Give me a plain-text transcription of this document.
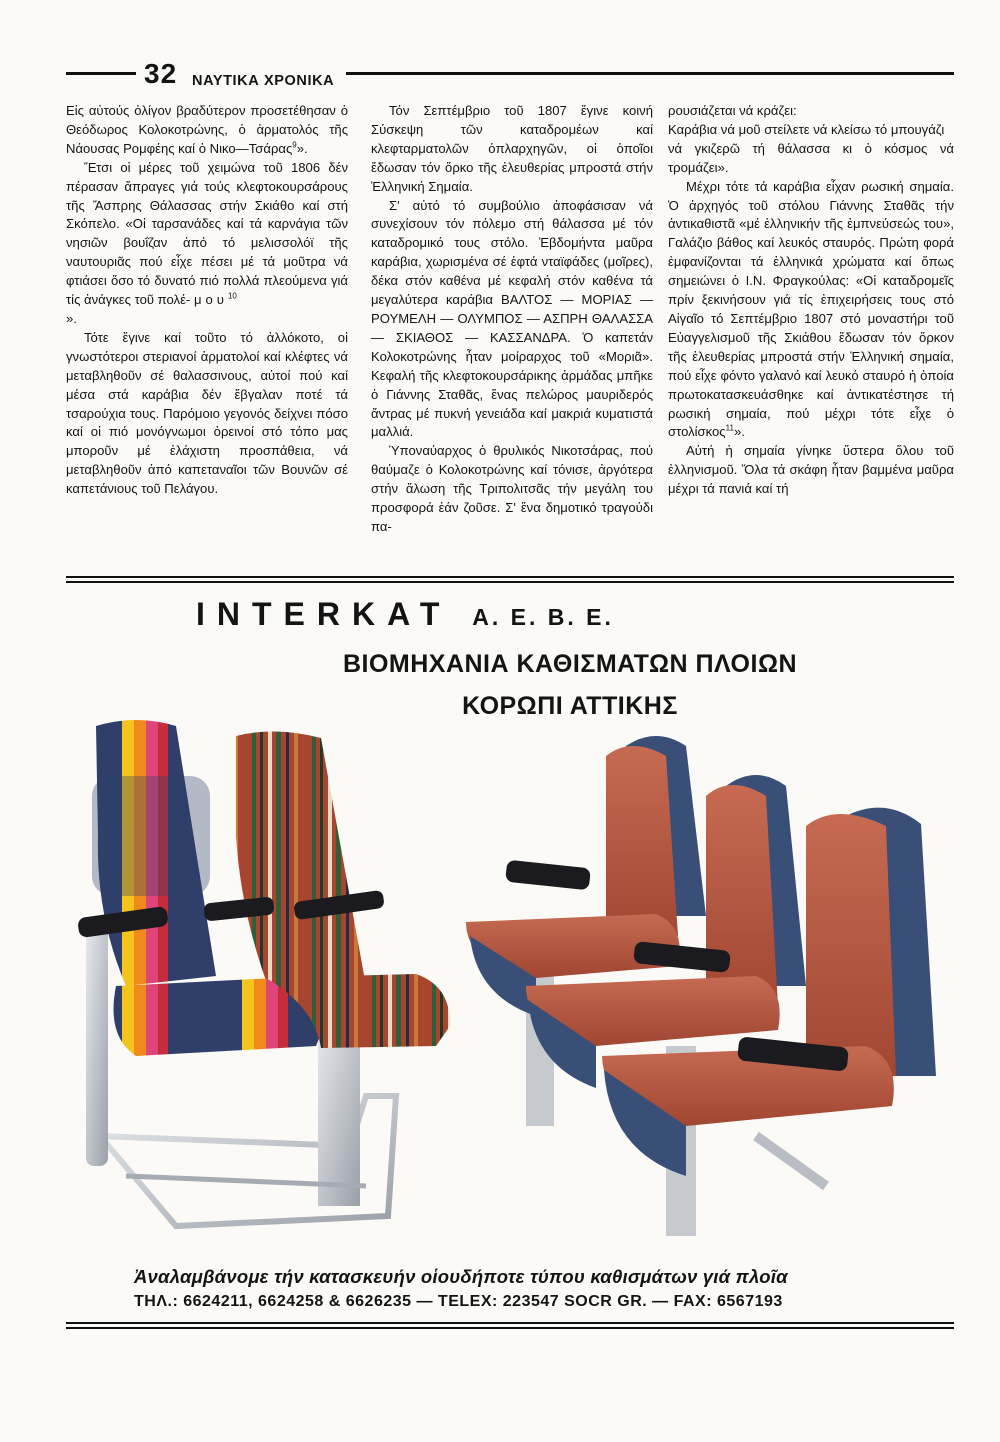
32 ΝΑΥΤΙΚΑ ΧΡΟΝΙΚΑ

Εἰς αὐτούς ὀλίγον βραδύτερον προσετέθησαν ὁ Θεόδωρος Κολοκοτρώνης, ὁ ἁρματολός τῆς Νάουσας Ρομφέης καί ὁ Νικο—Τσάρας$^9$».

Ἔτσι οἱ μέρες τοῦ χειμώνα τοῦ 1806 δέν πέρασαν ἄπραγες γιά τούς κλεφτοκουρσάρους τῆς Ἄσπρης Θάλασσας στήν Σκιάθο καί στή Σκόπελο. «Οἱ ταρσανάδες καί τά καρνάγια τῶν νησιῶν βουΐζαν ἀπό τό μελισσολόϊ τῆς ναυτουριᾶς πού εἶχε πέσει μέ τά μοῦτρα νά φτιάσει ὅσο τό δυνατό πιό πολλά πλεούμενα γιά τίς ἀνάγκες τοῦ πολέ- μου$^{10}$
».

Τότε ἔγινε καί τοῦτο τό ἀλλόκοτο, οἱ γνωστότεροι στεριανοί ἁρματολοί καί κλέφτες νά μεταβληθοῦν σέ θαλασσινους, αὐτοί πού καί μέσα στά καράβια δέν ἔβγαλαν ποτέ τά τσαρούχια τους. Παρόμοιο γεγονός δείχνει πόσο καί οἱ πιό μονόγνωμοι ὀρεινοί στό τόπο μας μποροῦν μέ ἐλάχιστη προσπάθεια, νά μεταβληθοῦν ἀπό καπεταναῖοι τῶν Βουνῶν σέ καπετάνιους τοῦ Πελάγου.

Τόν Σεπτέμβριο τοῦ 1807 ἔγινε κοινή Σύσκεψη τῶν καταδρομέων καί κλεφταρματολῶν ὁπλαρχηγῶν, οἱ ὁποῖοι ἔδωσαν τόν ὅρκο τῆς ἐλευθερίας μπροστά στήν Ἑλληνική Σημαία.

Σ' αὐτό τό συμβούλιο ἀποφάσισαν νά συνεχίσουν τόν πόλεμο στή θάλασσα μέ τόν καταδρομικό τους στόλο. Ἑβδομήντα μαῦρα καράβια, χωρισμένα σέ ἑφτά νταϊφάδες (μοῖρες), δέκα στόν καθένα μέ κεφαλή στόν καθένα τά μεγαλύτερα καράβια ΒΑΛΤΟΣ — ΜΟΡΙΑΣ — ΡΟΥΜΕΛΗ — ΟΛΥΜΠΟΣ — ΑΣΠΡΗ ΘΑΛΑΣΣΑ — ΣΚΙΑΘΟΣ — ΚΑΣΣΑΝΔΡΑ. Ὁ καπετάν Κολοκοτρώνης ἦταν μοίραρχος τοῦ «Μοριᾶ». Κεφαλή τῆς κλεφτοκουρσάρικης ἀρμάδας μπῆκε ὁ Γιάννης Σταθᾶς, ἕνας πελώρος μαυριδερός ἄντρας μέ πυκνή γενειάδα καί μακριά κυματιστά μαλλιά.

Ὑποναύαρχος ὁ θρυλικός Νικοτσάρας, πού θαύμαζε ὁ Κολοκοτρώνης καί τόνισε, ἀργότερα στήν ἅλωση τῆς Τριπολιτσᾶς τήν μεγάλη του προσφορά ἐάν ζοῦσε. Σ' ἕνα δημοτικό τραγούδι πα-

ρουσιάζεται νά κράζει:

Καράβια νά μοῦ στείλετε νά κλείσω τό μπουγάζι

νά γκιζερῶ τή θάλασσα κι ὁ κόσμος νά τρομάζει».

Μέχρι τότε τά καράβια εἶχαν ρωσική σημαία. Ὁ ἀρχηγός τοῦ στόλου Γιάννης Σταθᾶς τήν ἀντικαθιστᾶ «μέ ἑλληνικήν τῆς ἐμπνεύσεώς του», Γαλάζιο βάθος καί λευκός σταυρός. Πρώτη φορά ἐμφανίζονται τά ἑλληνικά χρώματα καί ὅπως σημειώνει ὁ Ι.Ν. Φραγκούλας: «Οἱ καταδρομεῖς πρίν ξεκινήσουν γιά τίς ἐπιχειρήσεις τους στό Αἰγαῖο τό Σεπτέμβριο 1807 στό μοναστήρι τοῦ Εὐαγγελισμοῦ τῆς Σκιάθου ἔδωσαν τόν ὅρκον τῆς ἐλευθερίας μπροστά στήν Ἑλληνική σημαία, πού εἶχε φόντο γαλανό καί λευκό σταυρό ἡ ὁποία πρωτοκατασκευάσθηκε καί ἀντικατέστησε τή ρωσική σημαία, πού μέχρι τότε εἶχε ὁ στολίσκος$^{11}$».

Αὐτή ἡ σημαία γίνηκε ὕστερα ὅλου τοῦ ἑλληνισμοῦ. Ὅλα τά σκάφη ἦταν βαμμένα μαῦρα μέχρι τά πανιά καί τή

INTERKAT Α. Ε. Β. Ε.
ΒΙΟΜΗΧΑΝΙΑ ΚΑΘΙΣΜΑΤΩΝ ΠΛΟΙΩΝ
ΚΟΡΩΠΙ ΑΤΤΙΚΗΣ
Ἀναλαμβάνομε τήν κατασκευήν οἱουδήποτε τύπου καθισμάτων γιά πλοῖα
ΤΗΛ.: 6624211, 6624258 & 6626235 — TELEX: 223547 SOCR GR. — FAX: 6567193
